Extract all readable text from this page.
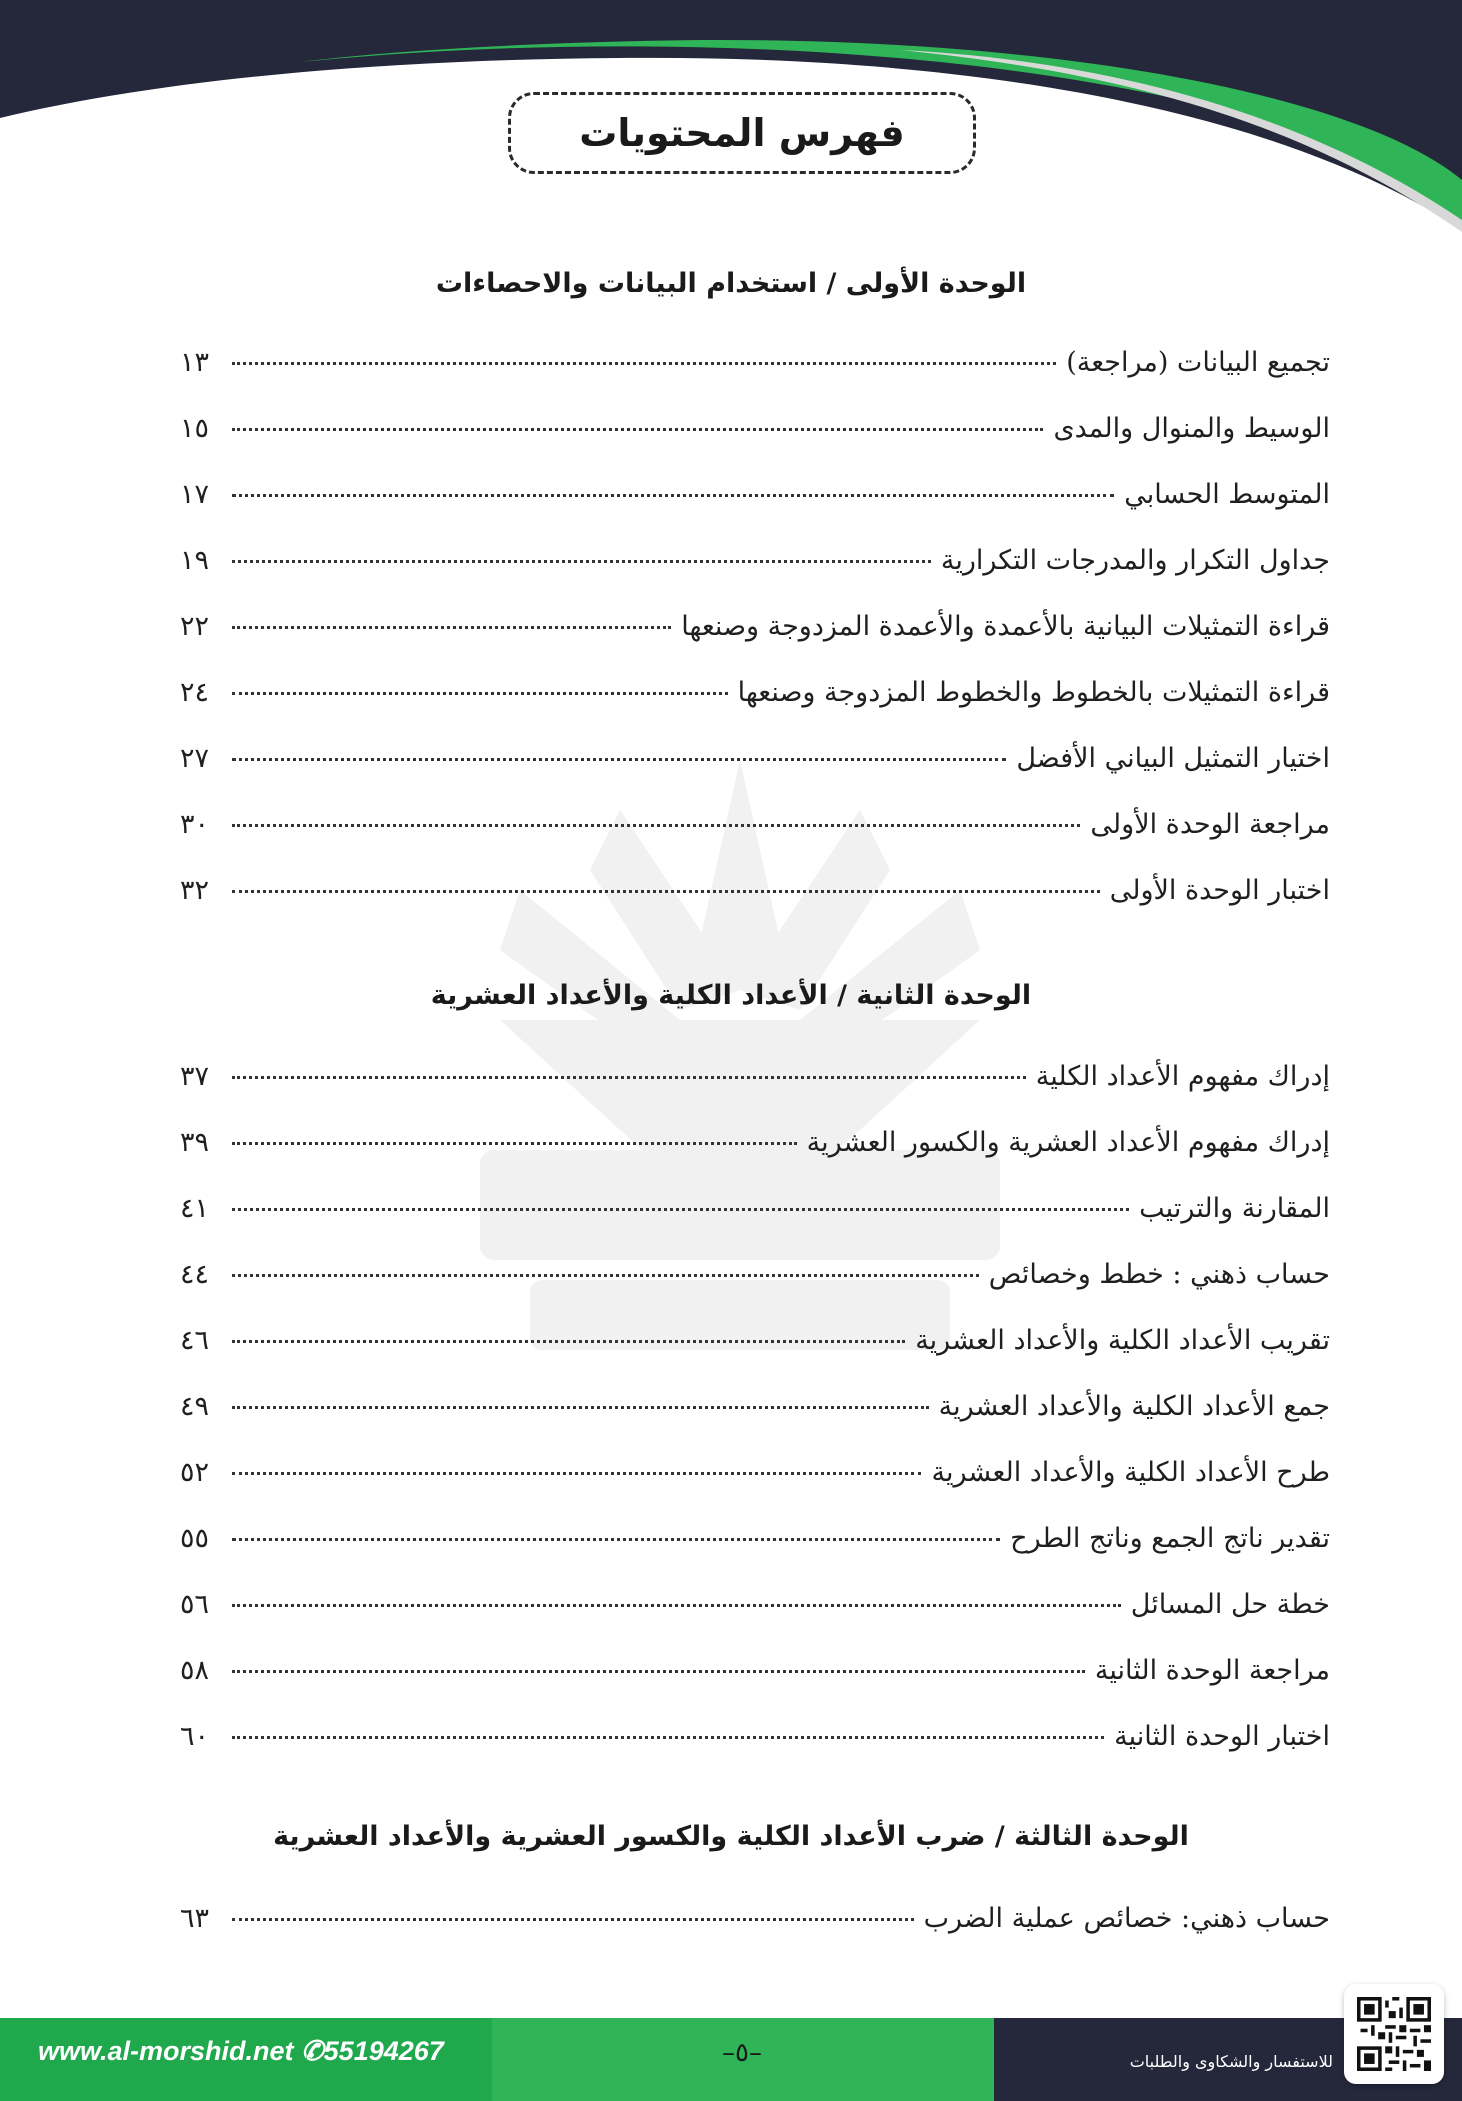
فهرس المحتويات
الوحدة الأولى / استخدام البيانات والاحصاءات
تجميع البيانات (مراجعة)
١٣
الوسيط والمنوال والمدى
١٥
المتوسط الحسابي
١٧
جداول التكرار والمدرجات التكرارية
١٩
قراءة التمثيلات البيانية بالأعمدة والأعمدة المزدوجة وصنعها
٢٢
قراءة التمثيلات بالخطوط والخطوط المزدوجة وصنعها
٢٤
اختيار التمثيل البياني الأفضل
٢٧
مراجعة الوحدة الأولى
٣٠
اختبار الوحدة الأولى
٣٢
الوحدة الثانية / الأعداد الكلية والأعداد العشرية
إدراك مفهوم الأعداد الكلية
٣٧
إدراك مفهوم الأعداد العشرية والكسور العشرية
٣٩
المقارنة والترتيب
٤١
حساب ذهني : خطط وخصائص
٤٤
تقريب الأعداد الكلية والأعداد العشرية
٤٦
جمع الأعداد الكلية والأعداد العشرية
٤٩
طرح الأعداد الكلية والأعداد العشرية
٥٢
تقدير ناتج الجمع وناتج الطرح
٥٥
خطة حل المسائل
٥٦
مراجعة الوحدة الثانية
٥٨
اختبار الوحدة الثانية
٦٠
الوحدة الثالثة / ضرب الأعداد الكلية والكسور العشرية والأعداد العشرية
حساب ذهني: خصائص عملية الضرب
٦٣
www.al-morshid.net ✆55194267	–٥–	للاستفسار والشكاوى والطلبات
